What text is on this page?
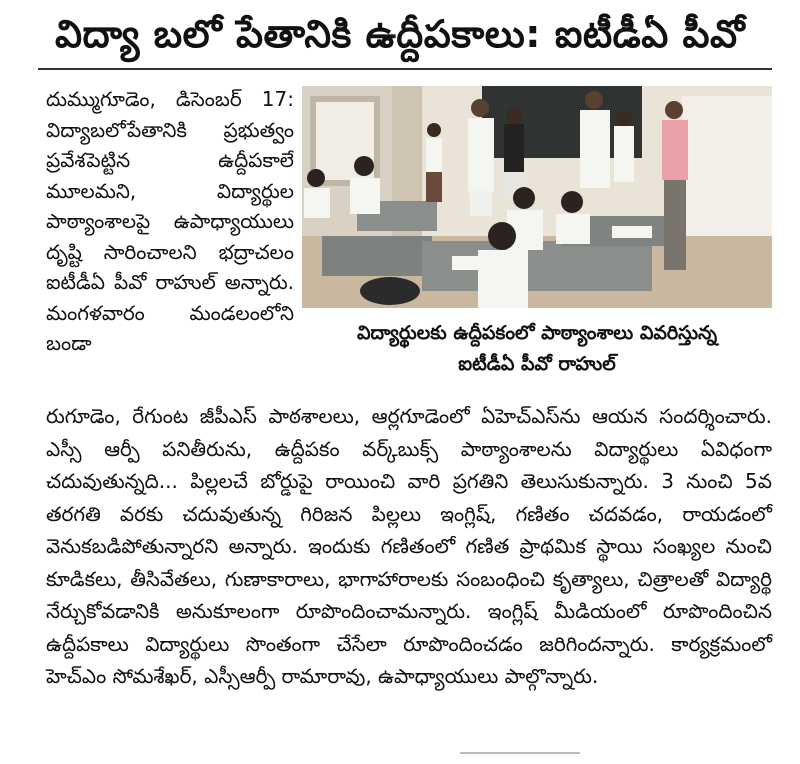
విద్యా బలో పేతానికి ఉద్దీపకాలు: ఐటీడీఏ పీవో
దుమ్ముగూడెం, డిసెంబర్ 17: విద్యాబలోపేతానికి ప్రభుత్వం ప్రవేశపెట్టిన ఉద్దీపకాలే మూలమని, విద్యార్థుల పాఠ్యాంశాలపై ఉపాధ్యాయులు దృష్టి సారించాలని భద్రాచలం ఐటీడీఏ పీవో రాహుల్ అన్నారు. మంగళవారం మండలంలోని బండా	విద్యార్థులకు ఉద్దీపకంలో పాఠ్యాంశాలు వివరిస్తున్న
ఐటీడీఏ పీవో రాహుల్
రుగూడెం, రేగుంట జీపీఎస్ పాఠశాలలు, ఆర్లగూడెంలో ఏహెచ్ఎస్‌ను ఆయన సందర్శించారు. ఎస్సీ ఆర్పీ పనితీరును, ఉద్దీపకం వర్క్‌బుక్స్ పాఠ్యాంశాలను విద్యార్థులు ఏవిధంగా చదువుతున్నది... పిల్లలచే బోర్డుపై రాయించి వారి ప్రగతిని తెలుసుకున్నారు. 3 నుంచి 5వ తరగతి వరకు చదువుతున్న గిరిజన పిల్లలు ఇంగ్లిష్, గణితం చదవడం, రాయడంలో వెనుకబడిపోతున్నారని అన్నారు. ఇందుకు గణితంలో గణిత ప్రాథమిక స్థాయి సంఖ్యల నుంచి కూడికలు, తీసివేతలు, గుణాకారాలు, భాగాహారాలకు సంబంధించి కృత్యాలు, చిత్రాలతో విద్యార్థి నేర్చుకోవడానికి అనుకూలంగా రూపొందించామన్నారు. ఇంగ్లిష్ మీడియంలో రూపొందించిన ఉద్దీపకాలు విద్యార్థులు సొంతంగా చేసేలా రూపొందించడం జరిగిందన్నారు. కార్యక్రమంలో హెచ్ఎం సోమశేఖర్, ఎస్సీఆర్పీ రామారావు, ఉపాధ్యాయులు పాల్గొన్నారు.
